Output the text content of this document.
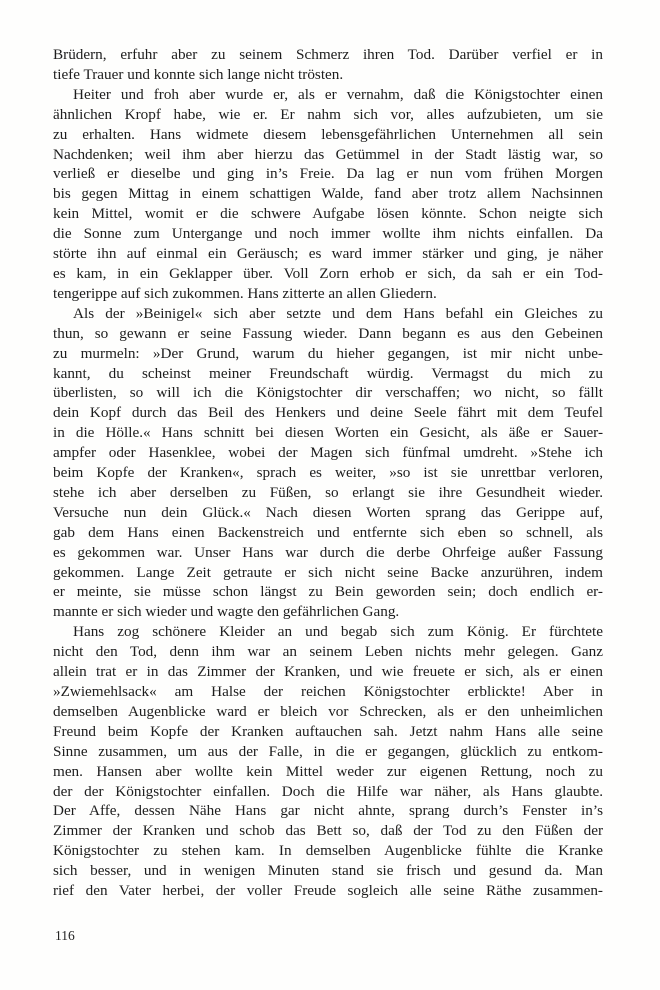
Brüdern, erfuhr aber zu seinem Schmerz ihren Tod. Darüber verfiel er in
tiefe Trauer und konnte sich lange nicht trösten.
Heiter und froh aber wurde er, als er vernahm, daß die Königstochter einen
ähnlichen Kropf habe, wie er. Er nahm sich vor, alles aufzubieten, um sie
zu erhalten. Hans widmete diesem lebensgefährlichen Unternehmen all sein
Nachdenken; weil ihm aber hierzu das Getümmel in der Stadt lästig war, so
verließ er dieselbe und ging in’s Freie. Da lag er nun vom frühen Morgen
bis gegen Mittag in einem schattigen Walde, fand aber trotz allem Nachsinnen
kein Mittel, womit er die schwere Aufgabe lösen könnte. Schon neigte sich
die Sonne zum Untergange und noch immer wollte ihm nichts einfallen. Da
störte ihn auf einmal ein Geräusch; es ward immer stärker und ging, je näher
es kam, in ein Geklapper über. Voll Zorn erhob er sich, da sah er ein Tod-
tengerippe auf sich zukommen. Hans zitterte an allen Gliedern.
Als der »Beinigel« sich aber setzte und dem Hans befahl ein Gleiches zu
thun, so gewann er seine Fassung wieder. Dann begann es aus den Gebeinen
zu murmeln: »Der Grund, warum du hieher gegangen, ist mir nicht unbe-
kannt, du scheinst meiner Freundschaft würdig. Vermagst du mich zu
überlisten, so will ich die Königstochter dir verschaffen; wo nicht, so fällt
dein Kopf durch das Beil des Henkers und deine Seele fährt mit dem Teufel
in die Hölle.« Hans schnitt bei diesen Worten ein Gesicht, als äße er Sauer-
ampfer oder Hasenklee, wobei der Magen sich fünfmal umdreht. »Stehe ich
beim Kopfe der Kranken«, sprach es weiter, »so ist sie unrettbar verloren,
stehe ich aber derselben zu Füßen, so erlangt sie ihre Gesundheit wieder.
Versuche nun dein Glück.« Nach diesen Worten sprang das Gerippe auf,
gab dem Hans einen Backenstreich und entfernte sich eben so schnell, als
es gekommen war. Unser Hans war durch die derbe Ohrfeige außer Fassung
gekommen. Lange Zeit getraute er sich nicht seine Backe anzurühren, indem
er meinte, sie müsse schon längst zu Bein geworden sein; doch endlich er-
mannte er sich wieder und wagte den gefährlichen Gang.
Hans zog schönere Kleider an und begab sich zum König. Er fürchtete
nicht den Tod, denn ihm war an seinem Leben nichts mehr gelegen. Ganz
allein trat er in das Zimmer der Kranken, und wie freuete er sich, als er einen
»Zwiemehlsack« am Halse der reichen Königstochter erblickte! Aber in
demselben Augenblicke ward er bleich vor Schrecken, als er den unheimlichen
Freund beim Kopfe der Kranken auftauchen sah. Jetzt nahm Hans alle seine
Sinne zusammen, um aus der Falle, in die er gegangen, glücklich zu entkom-
men. Hansen aber wollte kein Mittel weder zur eigenen Rettung, noch zu
der der Königstochter einfallen. Doch die Hilfe war näher, als Hans glaubte.
Der Affe, dessen Nähe Hans gar nicht ahnte, sprang durch’s Fenster in’s
Zimmer der Kranken und schob das Bett so, daß der Tod zu den Füßen der
Königstochter zu stehen kam. In demselben Augenblicke fühlte die Kranke
sich besser, und in wenigen Minuten stand sie frisch und gesund da. Man
rief den Vater herbei, der voller Freude sogleich alle seine Räthe zusammen-
116
